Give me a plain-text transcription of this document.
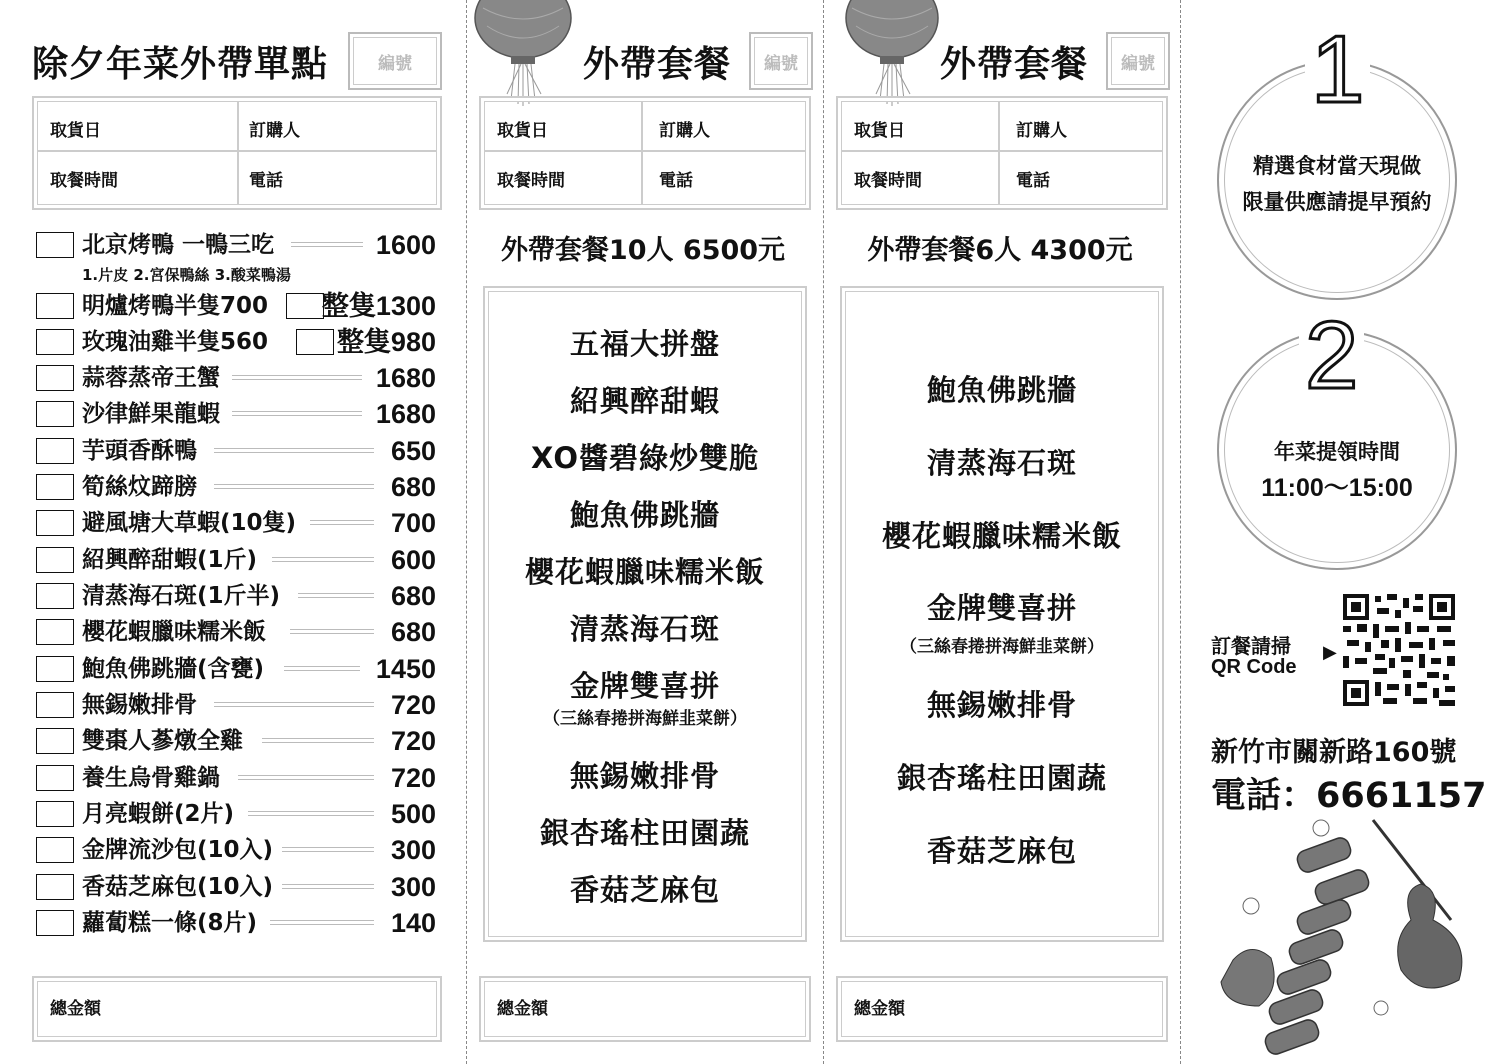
除夕年菜外帶單點	編號
取貨日	訂購人
取餐時間	電話
北京烤鴨 一鴨三吃	1600
1.片皮 2.宮保鴨絲 3.酸菜鴨湯
明爐烤鴨半隻700 整隻1300
玫瑰油雞半隻560	整隻980
蒜蓉蒸帝王蟹	1680
沙律鮮果龍蝦	1680
芋頭香酥鴨	650
筍絲炆蹄膀	680
避風塘大草蝦(10隻)	700
紹興醉甜蝦(1斤)	600
清蒸海石斑(1斤半)	680
櫻花蝦臘味糯米飯	680
鮑魚佛跳牆(含甕)	1450
無錫嫩排骨	720
雙棗人蔘燉全雞	720
養生烏骨雞鍋	720
月亮蝦餅(2片)	500
金牌流沙包(10入)	300
香菇芝麻包(10入)	300
蘿蔔糕一條(8片)	140
總金額
外帶套餐	編號
取貨日	訂購人
取餐時間	電話
外帶套餐10人 6500元
五福大拼盤
紹興醉甜蝦
XO醬碧綠炒雙脆
鮑魚佛跳牆
櫻花蝦臘味糯米飯
清蒸海石斑
金牌雙喜拼
（三絲春捲拼海鮮韭菜餅）
無錫嫩排骨
銀杏瑤柱田園蔬
香菇芝麻包
總金額
外帶套餐	編號
取貨日	訂購人
取餐時間	電話
外帶套餐6人 4300元
鮑魚佛跳牆
清蒸海石斑
櫻花蝦臘味糯米飯
金牌雙喜拼
（三絲春捲拼海鮮韭菜餅）
無錫嫩排骨
銀杏瑤柱田園蔬
香菇芝麻包
總金額
精選食材當天現做
限量供應請提早預約
1
年菜提領時間
11:00～15:00
2
訂餐請掃
QR Code
▶
新竹市關新路160號
電話：6661157
